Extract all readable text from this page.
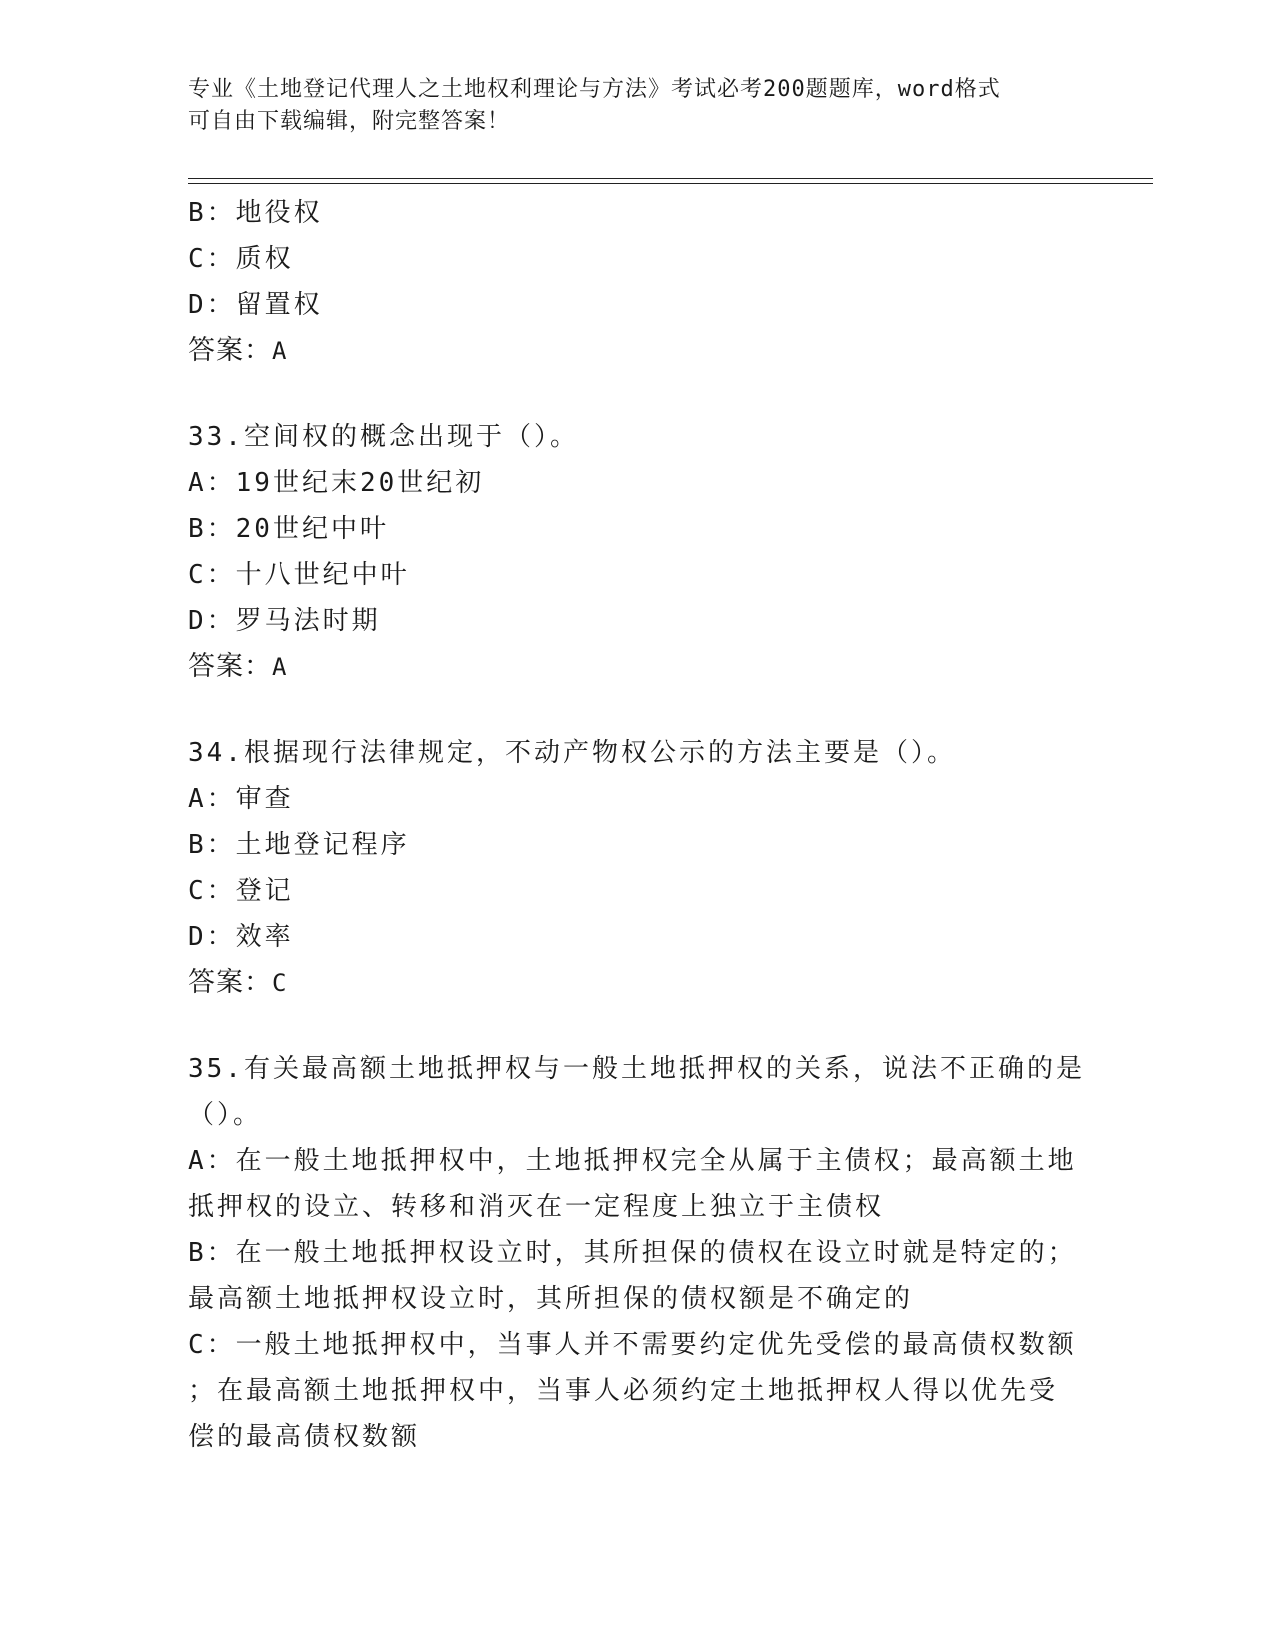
专业《土地登记代理人之土地权利理论与方法》考试必考200题题库，word格式
可自由下载编辑，附完整答案！
B：地役权
C：质权
D：留置权
答案：A
33.空间权的概念出现于（）。
A：19世纪末20世纪初
B：20世纪中叶
C：十八世纪中叶
D：罗马法时期
答案：A
34.根据现行法律规定，不动产物权公示的方法主要是（）。
A：审查
B：土地登记程序
C：登记
D：效率
答案：C
35.有关最高额土地抵押权与一般土地抵押权的关系，说法不正确的是
（）。
A：在一般土地抵押权中，土地抵押权完全从属于主债权；最高额土地
抵押权的设立、转移和消灭在一定程度上独立于主债权
B：在一般土地抵押权设立时，其所担保的债权在设立时就是特定的；
最高额土地抵押权设立时，其所担保的债权额是不确定的
C：一般土地抵押权中，当事人并不需要约定优先受偿的最高债权数额
；在最高额土地抵押权中，当事人必须约定土地抵押权人得以优先受
偿的最高债权数额
